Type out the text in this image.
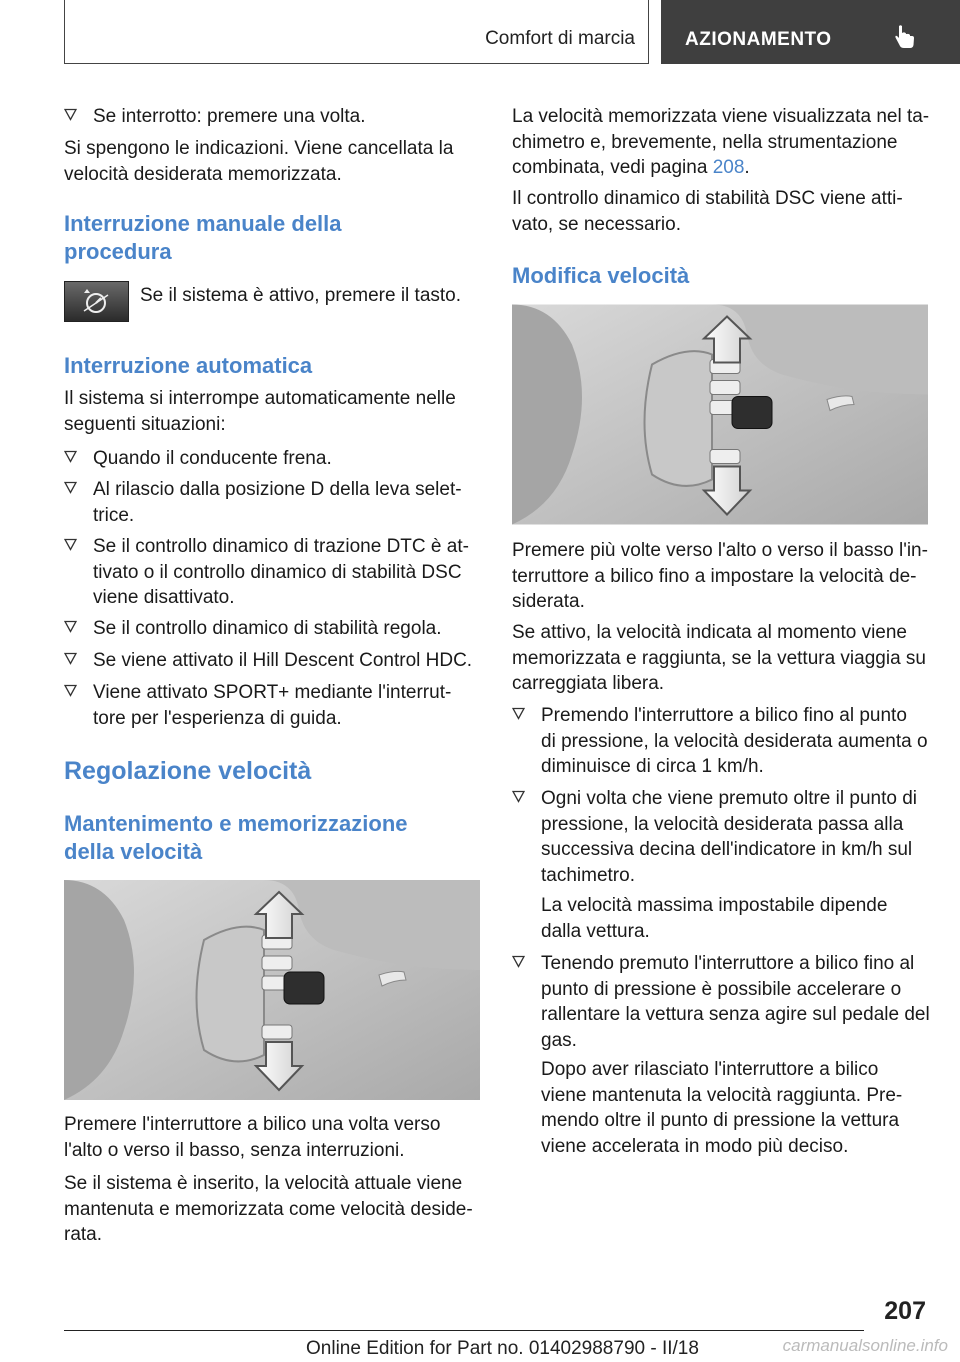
Comfort di marcia	AZIONAMENTO
Se interrotto: premere una volta.

Si spengono le indicazioni. Viene cancellata la

velocità desiderata memorizzata.

Interruzione manuale della
procedura
Se il sistema è attivo, premere il tasto.
Interruzione automatica

Il sistema si interrompe automaticamente nelle

seguenti situazioni:

Quando il conducente frena.

Al rilascio dalla posizione D della leva selet-

trice.

Se il controllo dinamico di trazione DTC è at-

tivato o il controllo dinamico di stabilità DSC

viene disattivato.

Se il controllo dinamico di stabilità regola.

Se viene attivato il Hill Descent Control HDC.

Viene attivato SPORT+ mediante l'interrut-

tore per l'esperienza di guida.

Regolazione velocità
Mantenimento e memorizzazione
della velocità

Premere l'interruttore a bilico una volta verso

l'alto o verso il basso, senza interruzioni.

Se il sistema è inserito, la velocità attuale viene

mantenuta e memorizzata come velocità deside-

rata.

La velocità memorizzata viene visualizzata nel ta-

chimetro e, brevemente, nella strumentazione

combinata, vedi pagina 208.

Il controllo dinamico di stabilità DSC viene atti-

vato, se necessario.

Modifica velocità

Premere più volte verso l'alto o verso il basso l'in-

terruttore a bilico fino a impostare la velocità de-

siderata.

Se attivo, la velocità indicata al momento viene

memorizzata e raggiunta, se la vettura viaggia su

carreggiata libera.

Premendo l'interruttore a bilico fino al punto

di pressione, la velocità desiderata aumenta o

diminuisce di circa 1 km/h.

Ogni volta che viene premuto oltre il punto di

pressione, la velocità desiderata passa alla

successiva decina dell'indicatore in km/h sul

tachimetro.

La velocità massima impostabile dipende

dalla vettura.

Tenendo premuto l'interruttore a bilico fino al

punto di pressione è possibile accelerare o

rallentare la vettura senza agire sul pedale del

gas.

Dopo aver rilasciato l'interruttore a bilico

viene mantenuta la velocità raggiunta. Pre-

mendo oltre il punto di pressione la vettura

viene accelerata in modo più deciso.

207
Online Edition for Part no. 01402988790 - II/18	carmanualsonline.info
